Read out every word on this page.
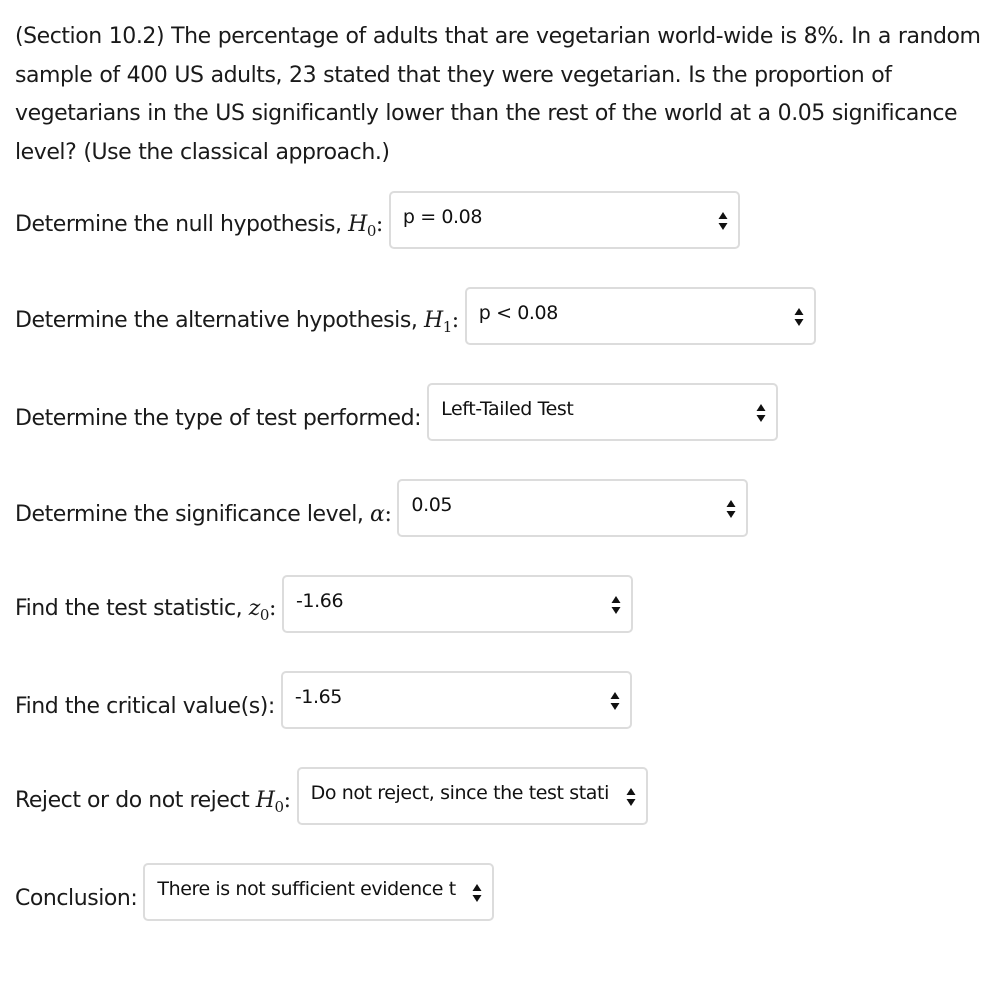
(Section 10.2) The percentage of adults that are vegetarian world-wide is 8%. In a random sample of 400 US adults, 23 stated that they were vegetarian. Is the proportion of vegetarians in the US significantly lower than the rest of the world at a 0.05 significance level? (Use the classical approach.)
Determine the null hypothesis, $H_0$: p = 0.08
Determine the alternative hypothesis, $H_1$: p < 0.08
Determine the type of test performed: Left-Tailed Test
Determine the significance level, α: 0.05
Find the test statistic, $z_0$: -1.66
Find the critical value(s): -1.65
Reject or do not reject $H_0$: Do not reject, since the test stati
Conclusion: There is not sufficient evidence t
